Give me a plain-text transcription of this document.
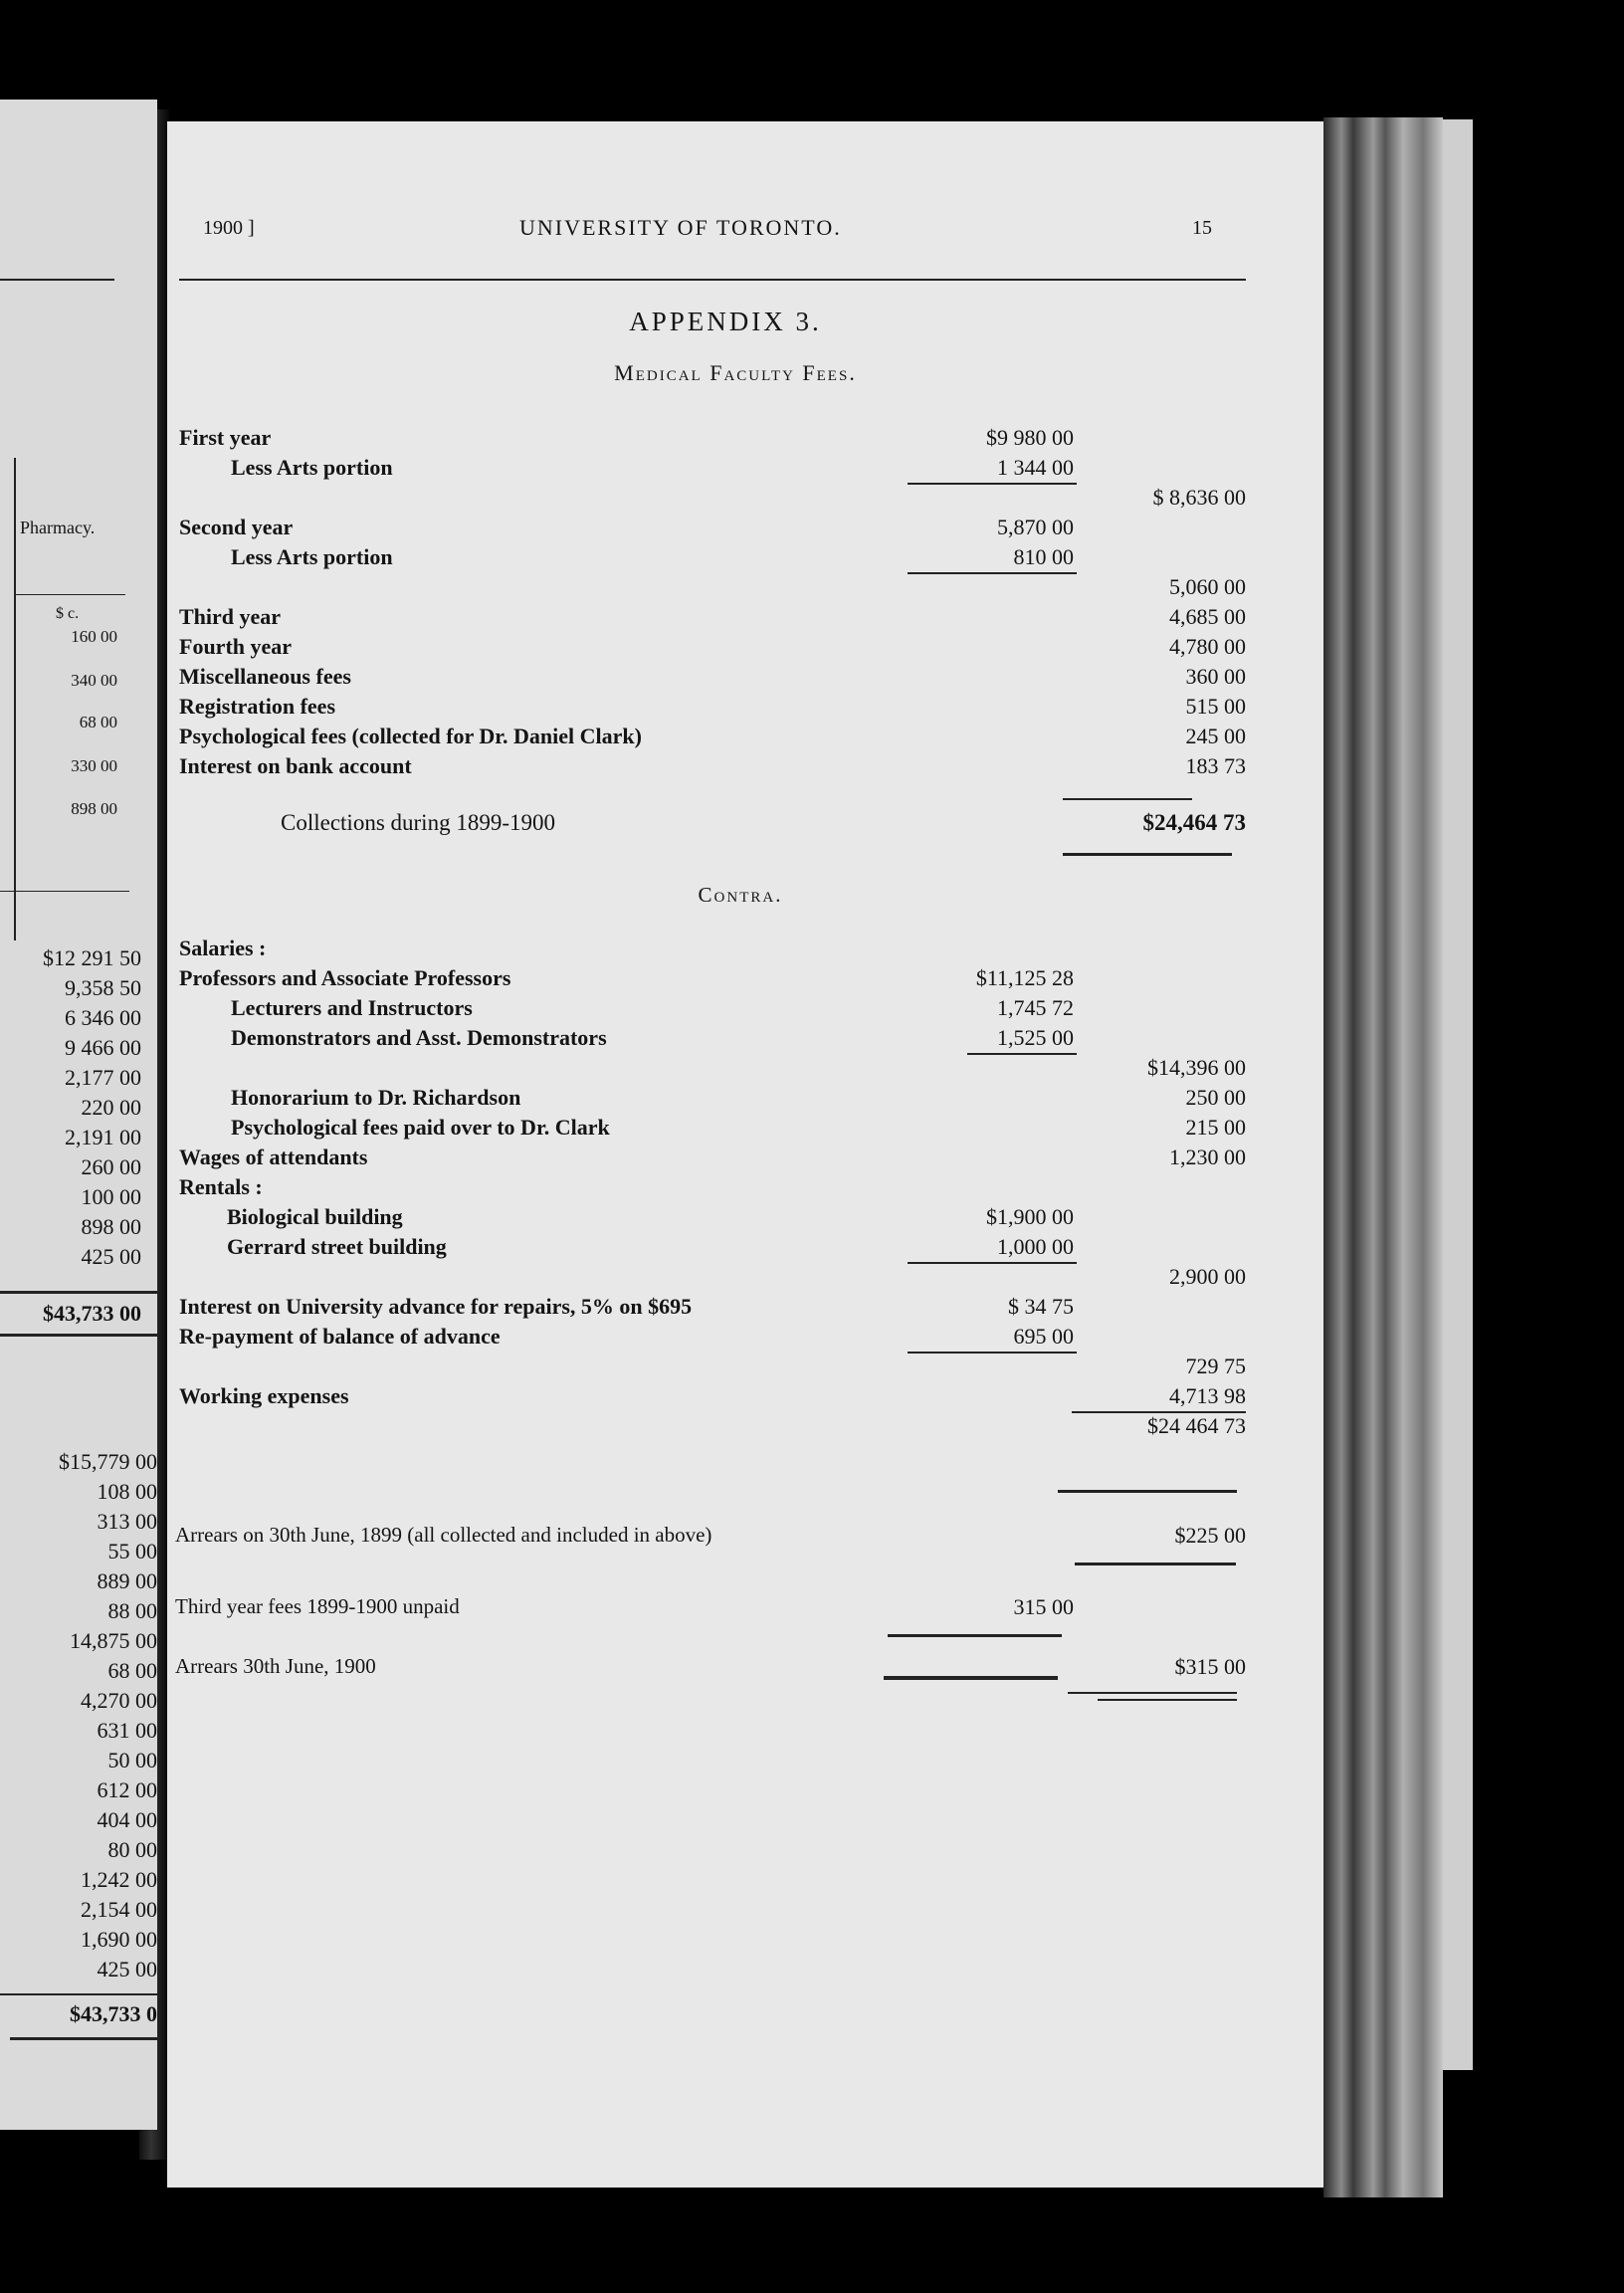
Pharmacy.
$ c.
160 00
340 00
68 00
330 00
898 00
$12 291 50
9,358 50
6 346 00
9 466 00
2,177 00
220 00
2,191 00
260 00
100 00
898 00
425 00
$43,733 00
$15,779 00
108 00
313 00
55 00
889 00
88 00
14,875 00
68 00
4,270 00
631 00
50 00
612 00
404 00
80 00
1,242 00
2,154 00
1,690 00
425 00
$43,733 0
1900 ]	UNIVERSITY OF TORONTO.	15
APPENDIX 3.
Medical Faculty Fees.
First year	$9 980 00
Less Arts portion	1 344 00
$ 8,636 00
Second year	5,870 00
Less Arts portion	810 00
5,060 00
Third year	4,685 00
Fourth year	4,780 00
Miscellaneous fees	360 00
Registration fees	515 00
Psychological fees (collected for Dr. Daniel Clark)	245 00
Interest on bank account	183 73
Collections during 1899-1900	$24,464 73
Contra.
Salaries :
Professors and Associate Professors	$11,125 28
Lecturers and Instructors	1,745 72
Demonstrators and Asst. Demonstrators	1,525 00
$14,396 00
Honorarium to Dr. Richardson	250 00
Psychological fees paid over to Dr. Clark	215 00
Wages of attendants	1,230 00
Rentals :
Biological building	$1,900 00
Gerrard street building	1,000 00
2,900 00
Interest on University advance for repairs, 5% on $695	$ 34 75
Re-payment of balance of advance	695 00
729 75
Working expenses	4,713 98
$24 464 73
Arrears on 30th June, 1899 (all collected and included in above)	$225 00
Third year fees 1899-1900 unpaid	315 00
Arrears 30th June, 1900	$315 00
